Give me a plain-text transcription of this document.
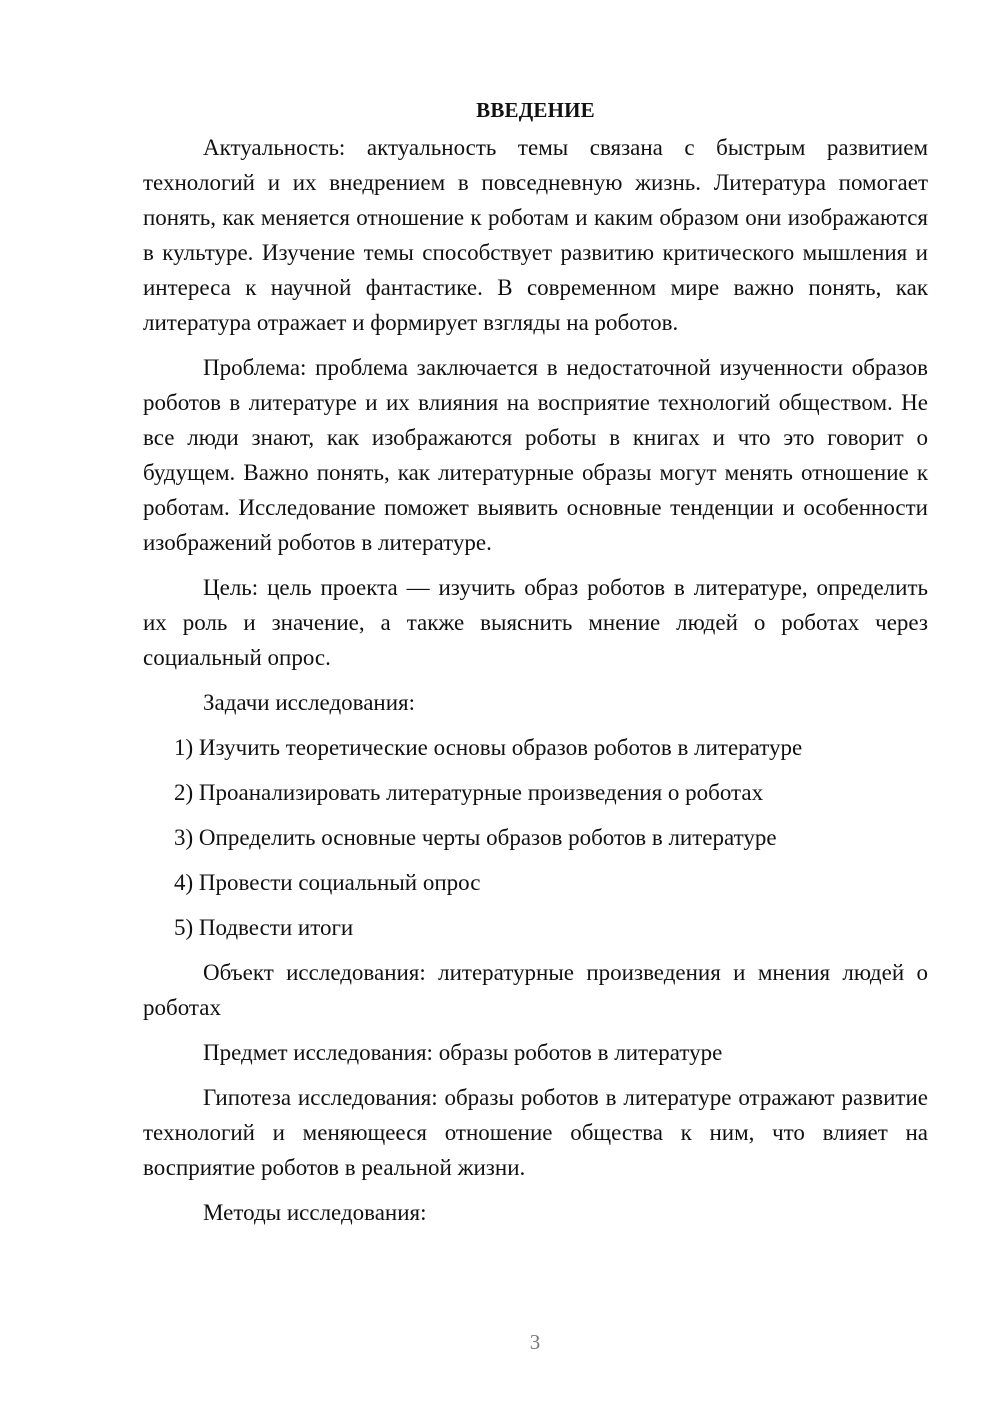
ВВЕДЕНИЕ

Актуальность: актуальность темы связана с быстрым развитием технологий и их внедрением в повседневную жизнь. Литература помогает понять, как меняется отношение к роботам и каким образом они изображаются в культуре. Изучение темы способствует развитию критического мышления и интереса к научной фантастике. В современном мире важно понять, как литература отражает и формирует взгляды на роботов.

Проблема: проблема заключается в недостаточной изученности образов роботов в литературе и их влияния на восприятие технологий обществом. Не все люди знают, как изображаются роботы в книгах и что это говорит о будущем. Важно понять, как литературные образы могут менять отношение к роботам. Исследование поможет выявить основные тенденции и особенности изображений роботов в литературе.

Цель: цель проекта — изучить образ роботов в литературе, определить их роль и значение, а также выяснить мнение людей о роботах через социальный опрос.

Задачи исследования:

1) Изучить теоретические основы образов роботов в литературе
2) Проанализировать литературные произведения о роботах
3) Определить основные черты образов роботов в литературе
4) Провести социальный опрос
5) Подвести итоги

Объект исследования: литературные произведения и мнения людей о роботах

Предмет исследования: образы роботов в литературе

Гипотеза исследования: образы роботов в литературе отражают развитие технологий и меняющееся отношение общества к ним, что влияет на восприятие роботов в реальной жизни.

Методы исследования:

3
